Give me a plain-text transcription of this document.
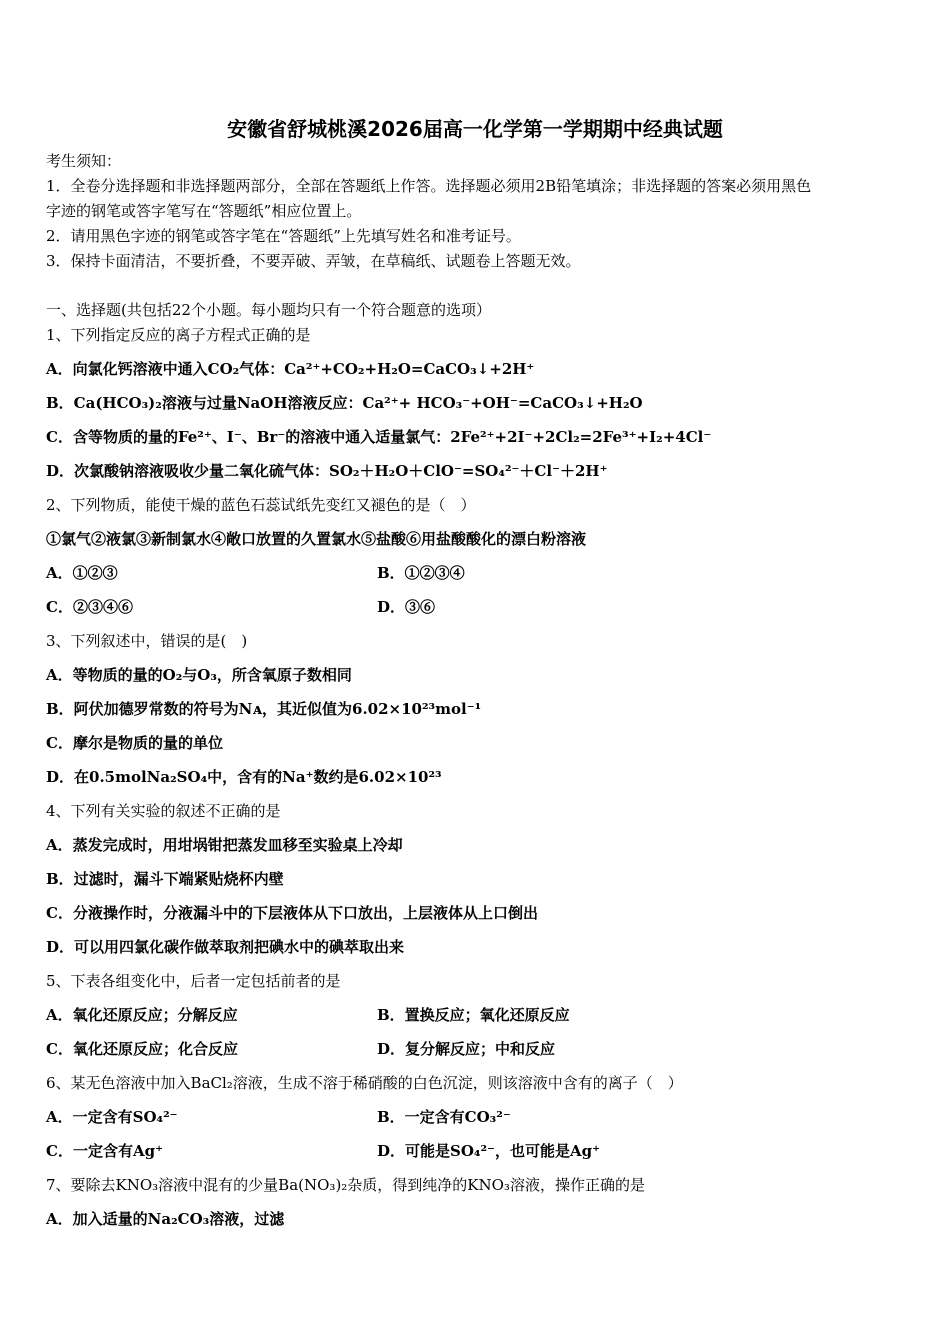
安徽省舒城桃溪2026届高一化学第一学期期中经典试题
考生须知：
1．全卷分选择题和非选择题两部分，全部在答题纸上作答。选择题必须用2B铅笔填涂；非选择题的答案必须用黑色
字迹的钢笔或答字笔写在“答题纸”相应位置上。
2．请用黑色字迹的钢笔或答字笔在“答题纸”上先填写姓名和准考证号。
3．保持卡面清洁，不要折叠，不要弄破、弄皱，在草稿纸、试题卷上答题无效。
一、选择题(共包括22个小题。每小题均只有一个符合题意的选项）
1、下列指定反应的离子方程式正确的是
A．向氯化钙溶液中通入CO₂气体：Ca²⁺+CO₂+H₂O=CaCO₃↓+2H⁺
B．Ca(HCO₃)₂溶液与过量NaOH溶液反应：Ca²⁺+ HCO₃⁻+OH⁻=CaCO₃↓+H₂O
C．含等物质的量的Fe²⁺、I⁻、Br⁻的溶液中通入适量氯气：2Fe²⁺+2I⁻+2Cl₂=2Fe³⁺+I₂+4Cl⁻
D．次氯酸钠溶液吸收少量二氧化硫气体：SO₂＋H₂O＋ClO⁻=SO₄²⁻＋Cl⁻＋2H⁺
2、下列物质，能使干燥的蓝色石蕊试纸先变红又褪色的是（　）
①氯气②液氯③新制氯水④敞口放置的久置氯水⑤盐酸⑥用盐酸酸化的漂白粉溶液
A．①②③	B．①②③④
C．②③④⑥	D．③⑥
3、下列叙述中，错误的是(　)
A．等物质的量的O₂与O₃，所含氧原子数相同
B．阿伏加德罗常数的符号为Nᴀ，其近似值为6.02×10²³mol⁻¹
C．摩尔是物质的量的单位
D．在0.5molNa₂SO₄中，含有的Na⁺数约是6.02×10²³
4、下列有关实验的叙述不正确的是
A．蒸发完成时，用坩埚钳把蒸发皿移至实验桌上冷却
B．过滤时，漏斗下端紧贴烧杯内壁
C．分液操作时，分液漏斗中的下层液体从下口放出，上层液体从上口倒出
D．可以用四氯化碳作做萃取剂把碘水中的碘萃取出来
5、下表各组变化中，后者一定包括前者的是
A．氧化还原反应；分解反应	B．置换反应；氧化还原反应
C．氧化还原反应；化合反应	D．复分解反应；中和反应
6、某无色溶液中加入BaCl₂溶液，生成不溶于稀硝酸的白色沉淀，则该溶液中含有的离子（　）
A．一定含有SO₄²⁻	B．一定含有CO₃²⁻
C．一定含有Ag⁺	D．可能是SO₄²⁻，也可能是Ag⁺
7、要除去KNO₃溶液中混有的少量Ba(NO₃)₂杂质，得到纯净的KNO₃溶液，操作正确的是
A．加入适量的Na₂CO₃溶液，过滤
